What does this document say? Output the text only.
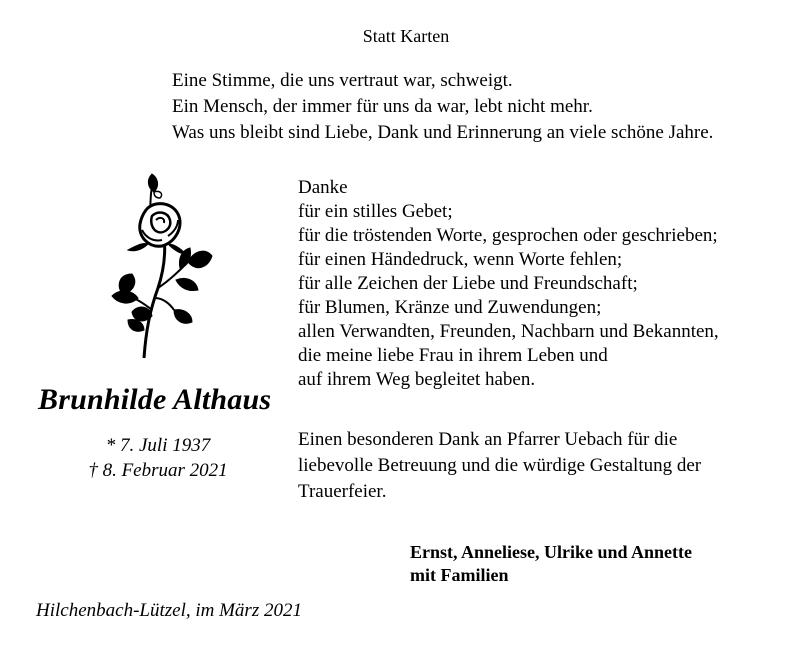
Statt Karten
Eine Stimme, die uns vertraut war, schweigt.
Ein Mensch, der immer für uns da war, lebt nicht mehr.
Was uns bleibt sind Liebe, Dank und Erinnerung an viele schöne Jahre.
Brunhilde Althaus
* 7. Juli 1937
† 8. Februar 2021
Danke
für ein stilles Gebet;
für die tröstenden Worte, gesprochen oder geschrieben;
für einen Händedruck, wenn Worte fehlen;
für alle Zeichen der Liebe und Freundschaft;
für Blumen, Kränze und Zuwendungen;
allen Verwandten, Freunden, Nachbarn und Bekannten,
die meine liebe Frau in ihrem Leben und
auf ihrem Weg begleitet haben.
Einen besonderen Dank an Pfarrer Uebach für die
liebevolle Betreuung und die würdige Gestaltung der
Trauerfeier.
Ernst, Anneliese, Ulrike und Annette
mit Familien
Hilchenbach-Lützel, im März 2021
